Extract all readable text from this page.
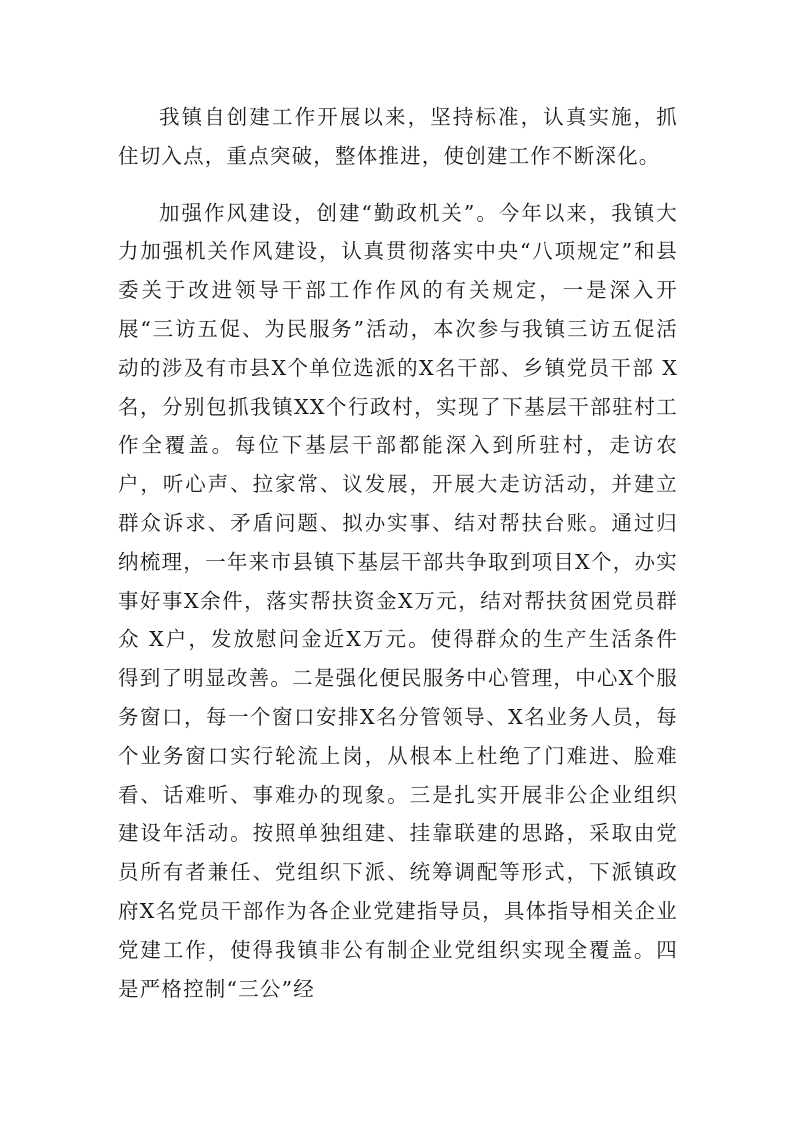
我镇自创建工作开展以来，坚持标准，认真实施，抓住切入点，重点突破，整体推进，使创建工作不断深化。

加强作风建设，创建“勤政机关”。今年以来，我镇大力加强机关作风建设，认真贯彻落实中央“八项规定”和县委关于改进领导干部工作作风的有关规定，一是深入开展“三访五促、为民服务”活动，本次参与我镇三访五促活动的涉及有市县X个单位选派的X名干部、乡镇党员干部 X名，分别包抓我镇XX个行政村，实现了下基层干部驻村工作全覆盖。每位下基层干部都能深入到所驻村，走访农户，听心声、拉家常、议发展，开展大走访活动，并建立群众诉求、矛盾问题、拟办实事、结对帮扶台账。通过归纳梳理，一年来市县镇下基层干部共争取到项目X个，办实事好事X余件，落实帮扶资金X万元，结对帮扶贫困党员群众 X户，发放慰问金近X万元。使得群众的生产生活条件得到了明显改善。二是强化便民服务中心管理，中心X个服务窗口，每一个窗口安排X名分管领导、X名业务人员，每个业务窗口实行轮流上岗，从根本上杜绝了门难进、脸难看、话难听、事难办的现象。三是扎实开展非公企业组织建设年活动。按照单独组建、挂靠联建的思路，采取由党员所有者兼任、党组织下派、统筹调配等形式，下派镇政府X名党员干部作为各企业党建指导员，具体指导相关企业党建工作，使得我镇非公有制企业党组织实现全覆盖。四是严格控制“三公”经
